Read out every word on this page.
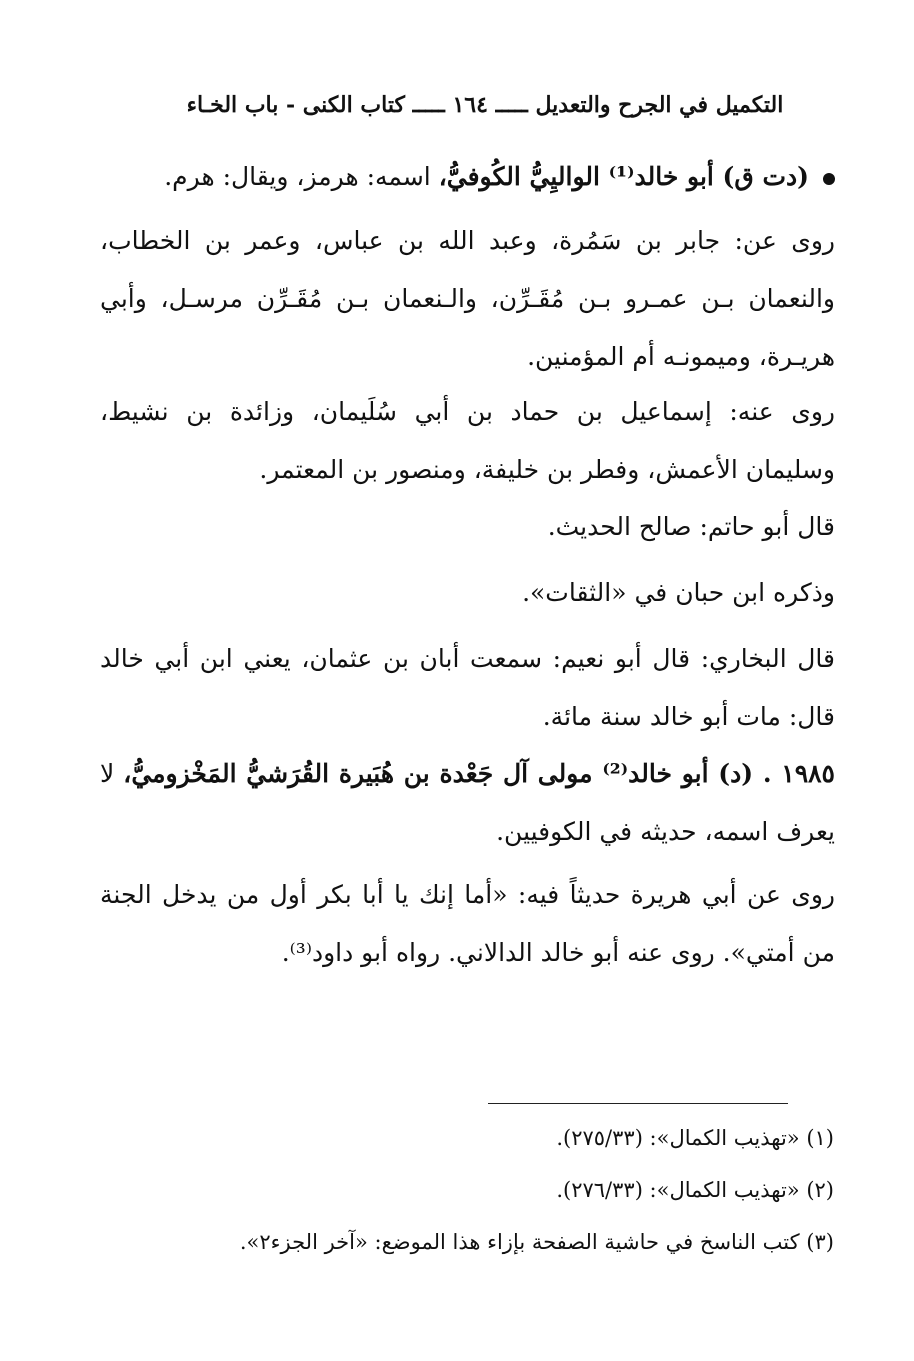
التكميل في الجرح والتعديل ـــــ ١٦٤ ـــــ كتاب الكنى - باب الخـاء
(دت ق) أبو خالد⁽¹⁾ الواليِيُّ الكُوفيُّ، اسمه: هرمز، ويقال: هرم.
روى عن: جابر بن سَمُرة، وعبد الله بن عباس، وعمر بن الخطاب، والنعمان بـن عمـرو بـن مُقَـرِّن، والـنعمان بـن مُقَـرِّن مرسـل، وأبي هريـرة، وميمونـه أم المؤمنين.
روى عنه: إسماعيل بن حماد بن أبي سُلَيمان، وزائدة بن نشيط، وسليمان الأعمش، وفطر بن خليفة، ومنصور بن المعتمر.
قال أبو حاتم: صالح الحديث.
وذكره ابن حبان في «الثقات».
قال البخاري: قال أبو نعيم: سمعت أبان بن عثمان، يعني ابن أبي خالد قال: مات أبو خالد سنة مائة.
١٩٨٥ . (د) أبو خالد⁽²⁾ مولى آل جَعْدة بن هُبَيرة القُرَشيُّ المَخْزوميُّ، لا يعرف اسمه، حديثه في الكوفيين.
روى عن أبي هريرة حديثاً فيه: «أما إنك يا أبا بكر أول من يدخل الجنة من أمتي». روى عنه أبو خالد الدالاني. رواه أبو داود⁽³⁾.
(١) «تهذيب الكمال»: (٢٧٥/٣٣).
(٢) «تهذيب الكمال»: (٢٧٦/٣٣).
(٣) كتب الناسخ في حاشية الصفحة بإزاء هذا الموضع: «آخر الجزء٢».
